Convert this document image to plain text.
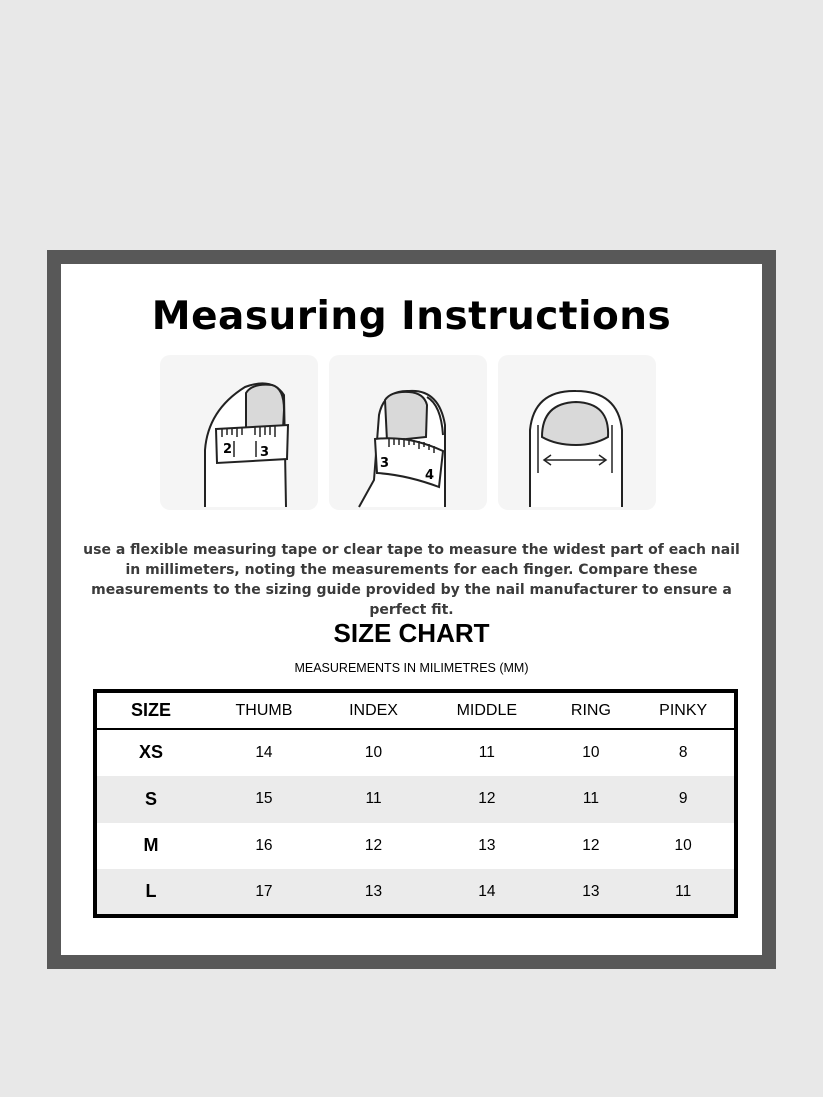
Measuring Instructions
2 3
3
4

use a flexible measuring tape or clear tape to measure the widest part of each nail in millimeters, noting the measurements for each finger. Compare these measurements to the sizing guide provided by the nail manufacturer to ensure a perfect fit.

SIZE CHART
MEASUREMENTS IN MILIMETRES (MM)
SIZE	THUMB	INDEX	MIDDLE	RING	PINKY
XS	14	10	11	10	8
S	15	11	12	11	9
M	16	12	13	12	10
L	17	13	14	13	11
